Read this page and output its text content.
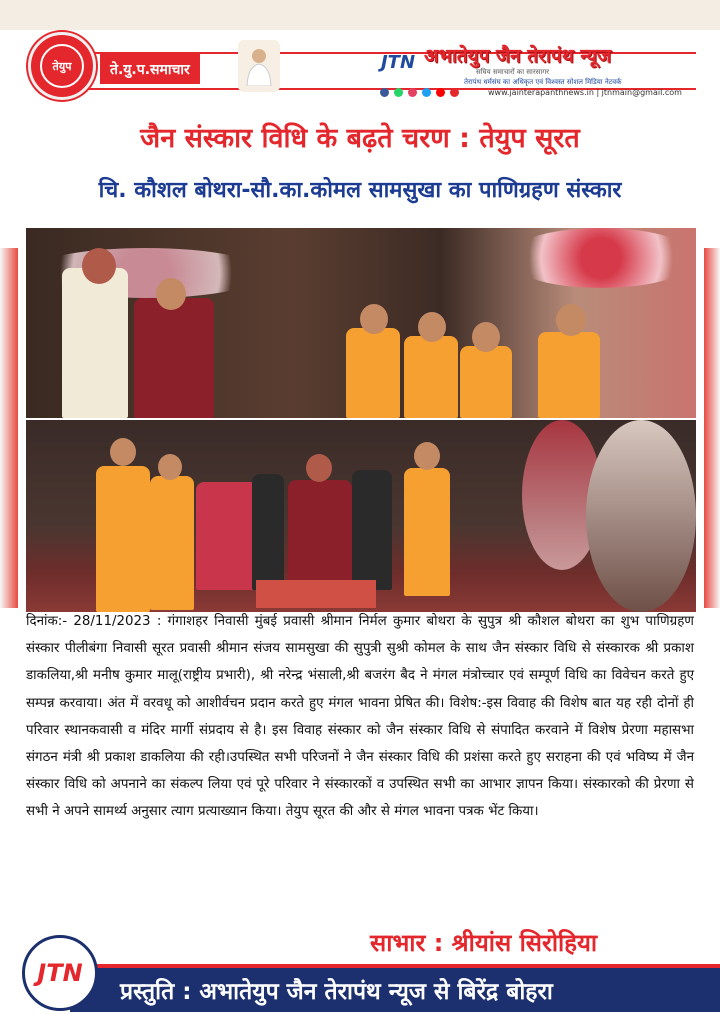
तेयुप	ते.यु.प.समाचार	JTN अभातेयुप जैन तेरापंथ न्यूज
सघिय समाचारों का सारसागर
तेरापंथ धर्मसंघ का अधिकृत एवं विश्वस्त सोशल मिडिया नेटवर्क
www.jainterapanthnews.in | jtnmain@gmail.com
जैन संस्कार विधि के बढ़ते चरण : तेयुप सूरत
चि. कौशल बोथरा-सौ.का.कोमल सामसुखा का पाणिग्रहण संस्कार
दिनांक:- 28/11/2023 : गंगाशहर निवासी मुंबई प्रवासी श्रीमान निर्मल कुमार बोथरा के सुपुत्र श्री कौशल बोथरा का शुभ पाणिग्रहण संस्कार पीलीबंगा निवासी सूरत प्रवासी श्रीमान संजय सामसुखा की सुपुत्री सुश्री कोमल के साथ जैन संस्कार विधि से संस्कारक श्री प्रकाश डाकलिया,श्री मनीष कुमार मालू(राष्ट्रीय प्रभारी), श्री नरेन्द्र भंसाली,श्री बजरंग बैद ने मंगल मंत्रोच्चार एवं सम्पूर्ण विधि का विवेचन करते हुए सम्पन्न करवाया। अंत में वरवधू को आशीर्वचन प्रदान करते हुए मंगल भावना प्रेषित की। विशेष:-इस विवाह की विशेष बात यह रही दोनों ही परिवार स्थानकवासी व मंदिर मार्गी संप्रदाय से है। इस विवाह संस्कार को जैन संस्कार विधि से संपादित करवाने में विशेष प्रेरणा महासभा संगठन मंत्री श्री प्रकाश डाकलिया की रही।उपस्थित सभी परिजनों ने जैन संस्कार विधि की प्रशंसा करते हुए सराहना की एवं भविष्य में जैन संस्कार विधि को अपनाने का संकल्प लिया एवं पूरे परिवार ने संस्कारकों व उपस्थित सभी का आभार ज्ञापन किया। संस्कारको की प्रेरणा से सभी ने अपने सामर्थ्य अनुसार त्याग प्रत्याख्यान किया। तेयुप सूरत की और से मंगल भावना पत्रक भेंट किया।
साभार : श्रीयांस सिरोहिया
प्रस्तुति : अभातेयुप जैन तेरापंथ न्यूज से बिरेंद्र बोहरा
JTN
